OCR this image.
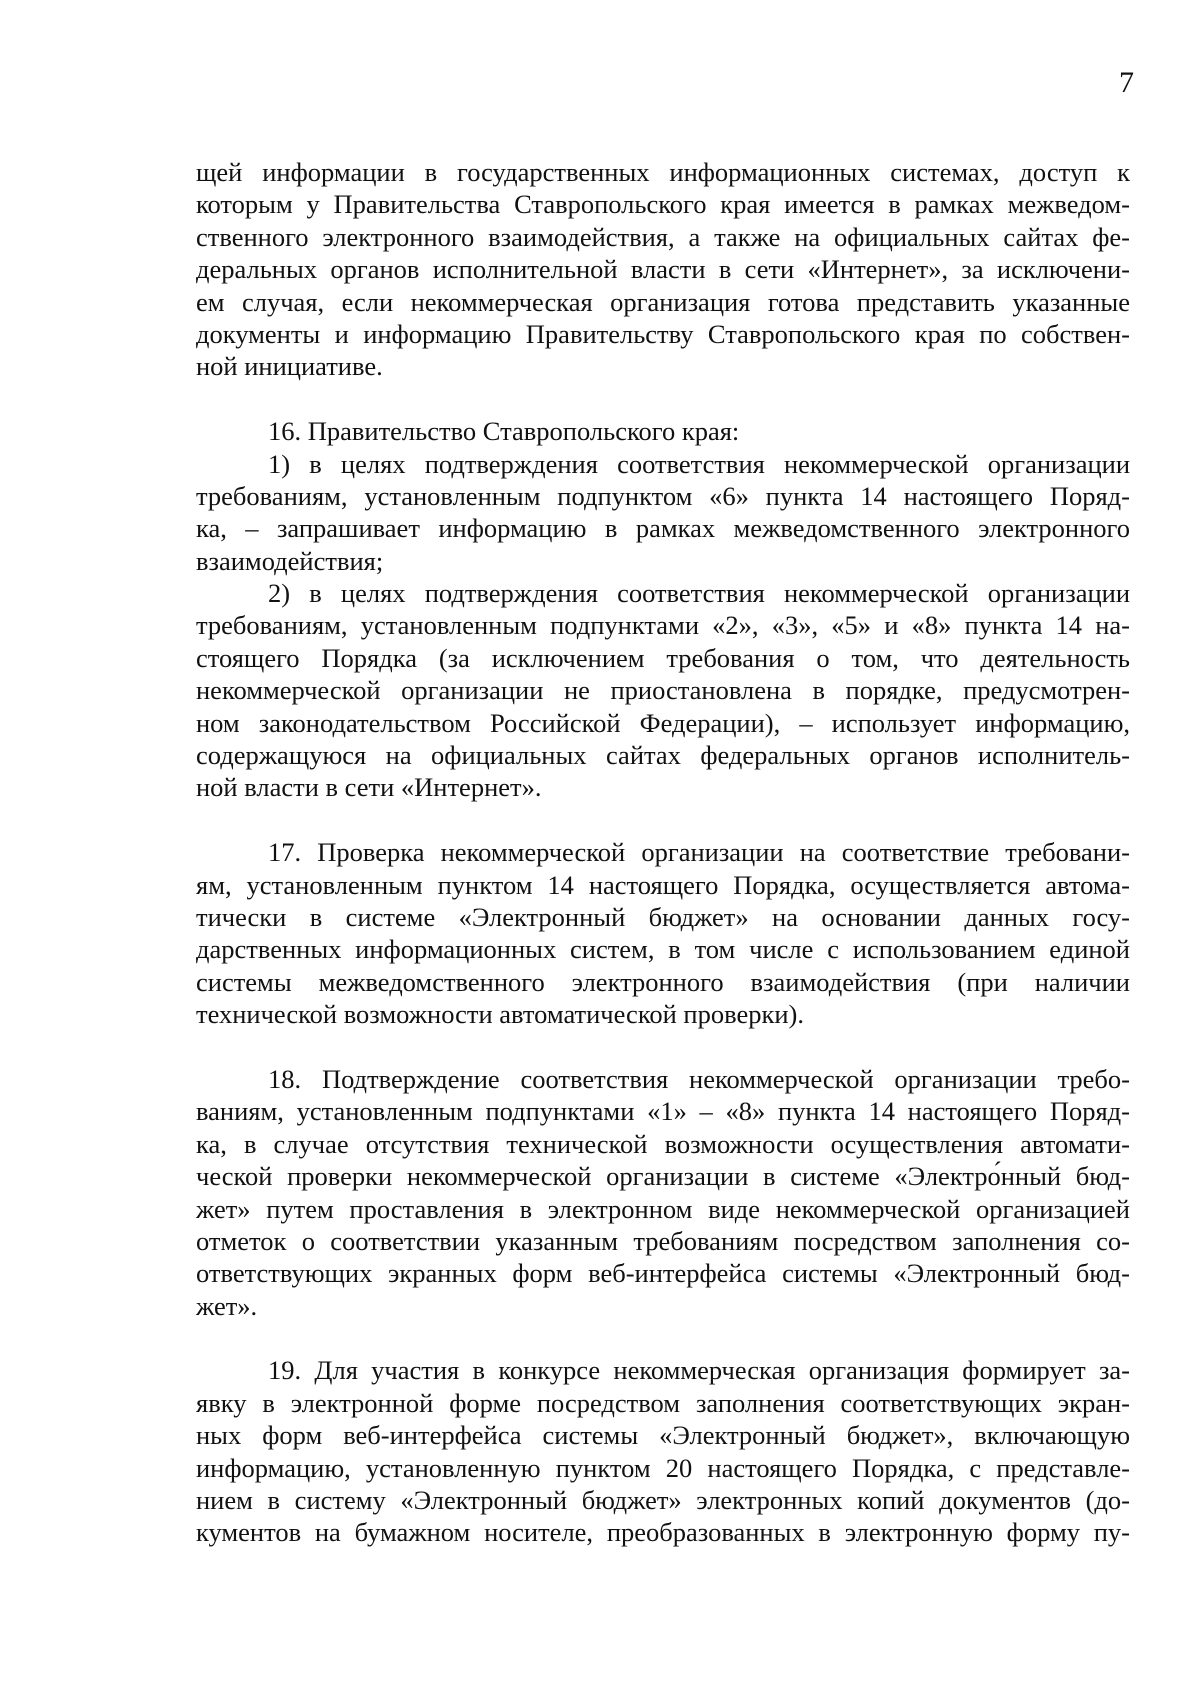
7
щей информации в государственных информационных системах, доступ к
которым у Правительства Ставропольского края имеется в рамках межведом-
ственного электронного взаимодействия, а также на официальных сайтах фе-
деральных органов исполнительной власти в сети «Интернет», за исключени-
ем случая, если некоммерческая организация готова представить указанные
документы и информацию Правительству Ставропольского края по собствен-
ной инициативе.
16. Правительство Ставропольского края:
1) в целях подтверждения соответствия некоммерческой организации
требованиям, установленным подпунктом «6» пункта 14 настоящего Поряд-
ка, – запрашивает информацию в рамках межведомственного электронного
взаимодействия;
2) в целях подтверждения соответствия некоммерческой организации
требованиям, установленным подпунктами «2», «3», «5» и «8» пункта 14 на-
стоящего Порядка (за исключением требования о том, что деятельность
некоммерческой организации не приостановлена в порядке, предусмотрен-
ном законодательством Российской Федерации), – использует информацию,
содержащуюся на официальных сайтах федеральных органов исполнитель-
ной власти в сети «Интернет».
17. Проверка некоммерческой организации на соответствие требовани-
ям, установленным пунктом 14 настоящего Порядка, осуществляется автома-
тически в системе «Электронный бюджет» на основании данных госу-
дарственных информационных систем, в том числе с использованием единой
системы межведомственного электронного взаимодействия (при наличии
технической возможности автоматической проверки).
18. Подтверждение соответствия некоммерческой организации требо-
ваниям, установленным подпунктами «1» – «8» пункта 14 настоящего Поряд-
ка, в случае отсутствия технической возможности осуществления автомати-
ческой проверки некоммерческой организации в системе «Электро́нный бюд-
жет» путем проставления в электронном виде некоммерческой организацией
отметок о соответствии указанным требованиям посредством заполнения со-
ответствующих экранных форм веб-интерфейса системы «Электронный бюд-
жет».
19. Для участия в конкурсе некоммерческая организация формирует за-
явку в электронной форме посредством заполнения соответствующих экран-
ных форм веб-интерфейса системы «Электронный бюджет», включающую
информацию, установленную пунктом 20 настоящего Порядка, с представле-
нием в систему «Электронный бюджет» электронных копий документов (до-
кументов на бумажном носителе, преобразованных в электронную форму пу-
